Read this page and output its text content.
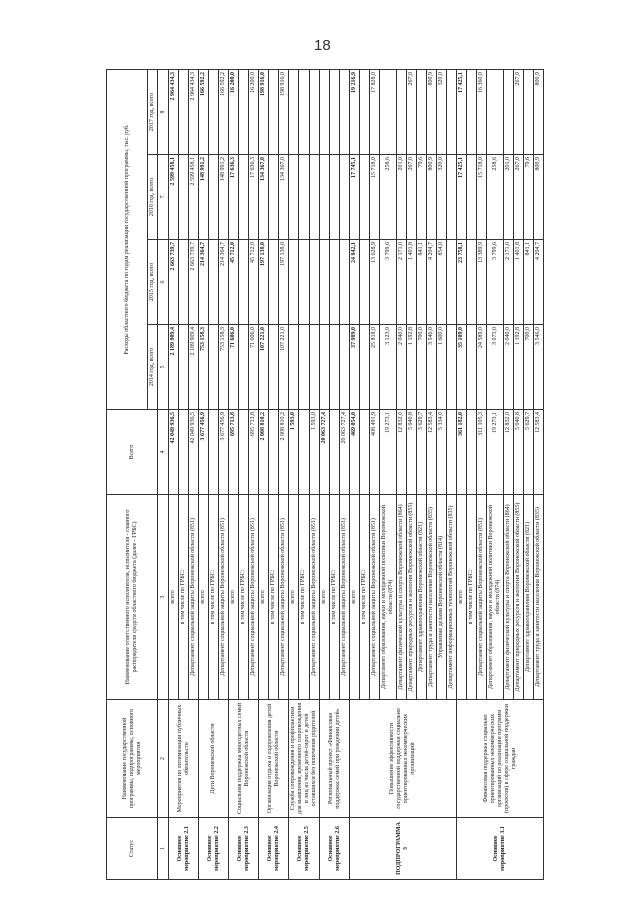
18
Статус	Наименование государственной программы, подпрограммы, основного мероприятия	Наименование ответственного исполнителя, исполнителя - главного распорядителя средств областного бюджета (далее - ГРБС)	Всего	Расходы областного бюджета по годам реализации государственной программы, тыс. руб.			
				2014 год, всего	2015 год, всего	2016 год, всего	2017 год, всего
1	2	3	4	5	6	7	8
Основное мероприятие 2.1	Мероприятия по оптимизации публичных обязательств	всего	42 049 936,5	2 189 909,4	2 663 739,7	2 599 458,1	2 964 434,3
		в том числе по ГРБС:					
		Департамент социальной защиты Воронежской области (851)	42 049 936,5	2 189 909,4	2 663 739,7	2 599 458,1	2 964 434,3
Основное мероприятие 2.2	Дети Воронежской области	всего	3 677 456,9	753 158,3	214 364,7	148 991,2	166 592,2
		в том числе по ГРБС:					
		Департамент социальной защиты Воронежской области (851)	3 677 456,9	753 158,3	214 364,7	148 991,2	166 592,2
Основное мероприятие 2.3	Социальная поддержка многодетных семей Воронежской области	всего	695 713,8	71 606,0	45 712,0	17 636,3	16 200,0
		в том числе по ГРБС:					
		Департамент социальной защиты Воронежской области (851)	695 713,8	71 606,0	45 712,0	17 636,3	16 200,0
Основное мероприятие 2.4	Организация отдыха и оздоровления детей Воронежской области	всего	2 008 810,2	107 221,0	197 138,0	134 367,0	198 916,0
		в том числе по ГРБС:					
		Департамент социальной защиты Воронежской области (851)	2 008 810,2	107 221,0	197 138,0	134 367,0	198 916,0
Основное мероприятие 2.5	Служба сопровождения и профилактики для выявления, временного сопровождения и лиц из числа детей-сирот и детей оставшихся без попечения родителей	всего	1 593,0				
		в том числе по ГРБС:					
		Департамент социальной защиты Воронежской области (851)	1 593,0				
Основное мероприятие 2.6	Региональный проект «Финансовая поддержка семей при рождении детей»	всего	20 063 727,4				
		в том числе по ГРБС:					
		Департамент социальной защиты Воронежской области (851)	20 063 727,4				
ПОДПРОГРАММА 3	Повышение эффективности государственной поддержки социально ориентированных некоммерческих организаций	всего	469 054,0	37 989,0	24 842,1	17 745,1	19 216,9
		в том числе по ГРБС:					
		Департамент социальной защиты Воронежской области (851)	408 491,9	25 818,0	13 628,9	15 718,0	17 828,0
		Департамент образования, науки и молодежной политики Воронежской области (874)	19 273,1	3 123,0	3 799,6	258,6	
		Департамент физической культуры и спорта Воронежской области (864)	12 832,0	2 040,0	2 171,0	201,0	
		Департамент природных ресурсов и экологии Воронежской области (855)	5 040,8	1 192,8	1 401,8	267,0	267,0
		Департамент здравоохранения Воронежской области (821)	5 629,7	700,0	841,1	79,6	
		Департамент труда и занятости населения Воронежской области (835)	12 583,4	3 546,0	4 204,7	800,9	800,9
		Управление делами Воронежской области (814)	5 334,0	1 600,0	854,0	320,0	320,0
		Департамент информационных технологий Воронежской области (835)					
Основное мероприятие 3.1	Финансовая поддержка социально ориентированных некоммерческих организаций по реализации программ (проектов) в сфере социальной поддержки граждан	всего	361 182,0	35 109,0	23 758,1	17 425,1	17 425,1
		в том числе по ГРБС:					
		Департамент социальной защиты Воронежской области (851)	311 105,3	24 589,0	13 389,9	15 718,0	16 360,0
		Департамент образования, науки и молодежной политики Воронежской области (874)	19 273,1	3 073,0	3 799,6	258,6	
		Департамент физической культуры и спорта Воронежской области (864)	12 832,0	2 040,0	2 171,0	201,0	
		Департамент природных ресурсов и экологии Воронежской области (855)	5 040,8	1 192,8	1 401,8	267,0	267,0
		Департамент здравоохранения Воронежской области (821)	5 629,7	700,0	841,1	79,6	
		Департамент труда и занятости населения Воронежской области (835)	12 583,4	3 546,0	4 204,7	800,9	800,9
